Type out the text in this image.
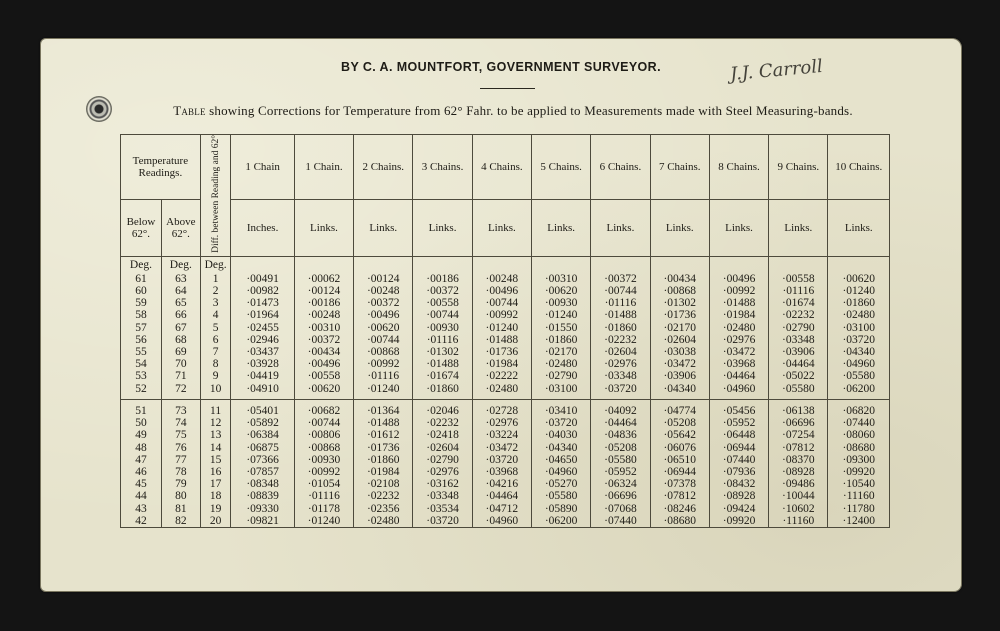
BY C. A. MOUNTFORT, GOVERNMENT SURVEYOR.	J.J. Carroll
Table showing Corrections for Temperature from 62° Fahr. to be applied to Measurements made with Steel Measuring-bands.
Temperature Readings.		Diff. between Reading and 62°	1 Chain	1 Chain.	2 Chains.	3 Chains.	4 Chains.	5 Chains.	6 Chains.	7 Chains.	8 Chains.	9 Chains.	10 Chains.
Below 62°.	Above 62°.		Inches.	Links.	Links.	Links.	Links.	Links.	Links.	Links.	Links.	Links.	Links.
Deg.	Deg.	Deg.											
61	63	1	·00491	·00062	·00124	·00186	·00248	·00310	·00372	·00434	·00496	·00558	·00620
60	64	2	·00982	·00124	·00248	·00372	·00496	·00620	·00744	·00868	·00992	·01116	·01240
59	65	3	·01473	·00186	·00372	·00558	·00744	·00930	·01116	·01302	·01488	·01674	·01860
58	66	4	·01964	·00248	·00496	·00744	·00992	·01240	·01488	·01736	·01984	·02232	·02480
57	67	5	·02455	·00310	·00620	·00930	·01240	·01550	·01860	·02170	·02480	·02790	·03100
56	68	6	·02946	·00372	·00744	·01116	·01488	·01860	·02232	·02604	·02976	·03348	·03720
55	69	7	·03437	·00434	·00868	·01302	·01736	·02170	·02604	·03038	·03472	·03906	·04340
54	70	8	·03928	·00496	·00992	·01488	·01984	·02480	·02976	·03472	·03968	·04464	·04960
53	71	9	·04419	·00558	·01116	·01674	·02222	·02790	·03348	·03906	·04464	·05022	·05580
52	72	10	·04910	·00620	·01240	·01860	·02480	·03100	·03720	·04340	·04960	·05580	·06200
51	73	11	·05401	·00682	·01364	·02046	·02728	·03410	·04092	·04774	·05456	·06138	·06820
50	74	12	·05892	·00744	·01488	·02232	·02976	·03720	·04464	·05208	·05952	·06696	·07440
49	75	13	·06384	·00806	·01612	·02418	·03224	·04030	·04836	·05642	·06448	·07254	·08060
48	76	14	·06875	·00868	·01736	·02604	·03472	·04340	·05208	·06076	·06944	·07812	·08680
47	77	15	·07366	·00930	·01860	·02790	·03720	·04650	·05580	·06510	·07440	·08370	·09300
46	78	16	·07857	·00992	·01984	·02976	·03968	·04960	·05952	·06944	·07936	·08928	·09920
45	79	17	·08348	·01054	·02108	·03162	·04216	·05270	·06324	·07378	·08432	·09486	·10540
44	80	18	·08839	·01116	·02232	·03348	·04464	·05580	·06696	·07812	·08928	·10044	·11160
43	81	19	·09330	·01178	·02356	·03534	·04712	·05890	·07068	·08246	·09424	·10602	·11780
42	82	20	·09821	·01240	·02480	·03720	·04960	·06200	·07440	·08680	·09920	·11160	·12400
